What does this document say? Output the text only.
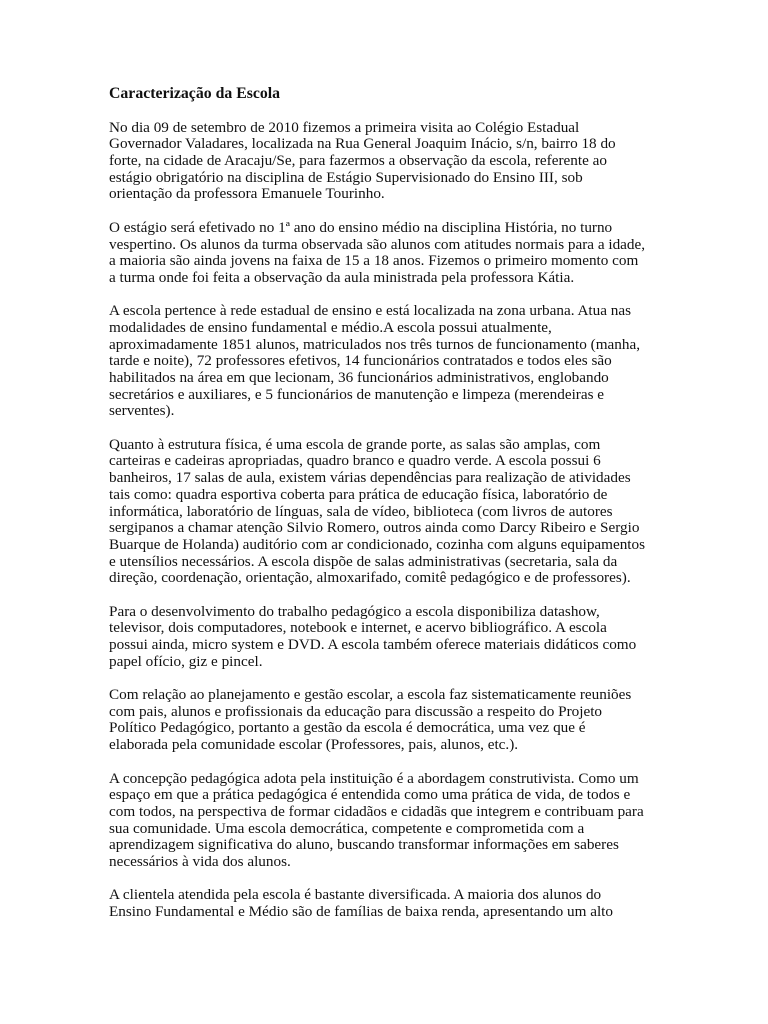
Caracterização da Escola
No dia 09 de setembro de 2010 fizemos a primeira visita ao Colégio Estadual
Governador Valadares, localizada na Rua General Joaquim Inácio, s/n, bairro 18 do
forte, na cidade de Aracaju/Se, para fazermos a observação da escola, referente ao
estágio obrigatório na disciplina de Estágio Supervisionado do Ensino III, sob
orientação da professora Emanuele Tourinho.
O estágio será efetivado no 1ª ano do ensino médio na disciplina História, no turno
vespertino. Os alunos da turma observada são alunos com atitudes normais para a idade,
a maioria são ainda jovens na faixa de 15 a 18 anos. Fizemos o primeiro momento com
a turma onde foi feita a observação da aula ministrada pela professora Kátia.
A escola pertence à rede estadual de ensino e está localizada na zona urbana. Atua nas
modalidades de ensino fundamental e médio.A escola possui atualmente,
aproximadamente 1851 alunos, matriculados nos três turnos de funcionamento (manha,
tarde e noite), 72 professores efetivos, 14 funcionários contratados e todos eles são
habilitados na área em que lecionam, 36 funcionários administrativos, englobando
secretários e auxiliares, e 5 funcionários de manutenção e limpeza (merendeiras e
serventes).
Quanto à estrutura física, é uma escola de grande porte, as salas são amplas, com
carteiras e cadeiras apropriadas, quadro branco e quadro verde. A escola possui 6
banheiros, 17 salas de aula, existem várias dependências para realização de atividades
tais como: quadra esportiva coberta para prática de educação física, laboratório de
informática, laboratório de línguas, sala de vídeo, biblioteca (com livros de autores
sergipanos a chamar atenção Silvio Romero, outros ainda como Darcy Ribeiro e Sergio
Buarque de Holanda) auditório com ar condicionado, cozinha com alguns equipamentos
e utensílios necessários. A escola dispõe de salas administrativas (secretaria, sala da
direção, coordenação, orientação, almoxarifado, comitê pedagógico e de professores).
Para o desenvolvimento do trabalho pedagógico a escola disponibiliza datashow,
televisor, dois computadores, notebook e internet, e acervo bibliográfico. A escola
possui ainda, micro system e DVD. A escola também oferece materiais didáticos como
papel ofício, giz e pincel.
Com relação ao planejamento e gestão escolar, a escola faz sistematicamente reuniões
com pais, alunos e profissionais da educação para discussão a respeito do Projeto
Político Pedagógico, portanto a gestão da escola é democrática, uma vez que é
elaborada pela comunidade escolar (Professores, pais, alunos, etc.).
A concepção pedagógica adota pela instituição é a abordagem construtivista. Como um
espaço em que a prática pedagógica é entendida como uma prática de vida, de todos e
com todos, na perspectiva de formar cidadãos e cidadãs que integrem e contribuam para
sua comunidade. Uma escola democrática, competente e comprometida com a
aprendizagem significativa do aluno, buscando transformar informações em saberes
necessários à vida dos alunos.
A clientela atendida pela escola é bastante diversificada. A maioria dos alunos do
Ensino Fundamental e Médio são de famílias de baixa renda, apresentando um alto
